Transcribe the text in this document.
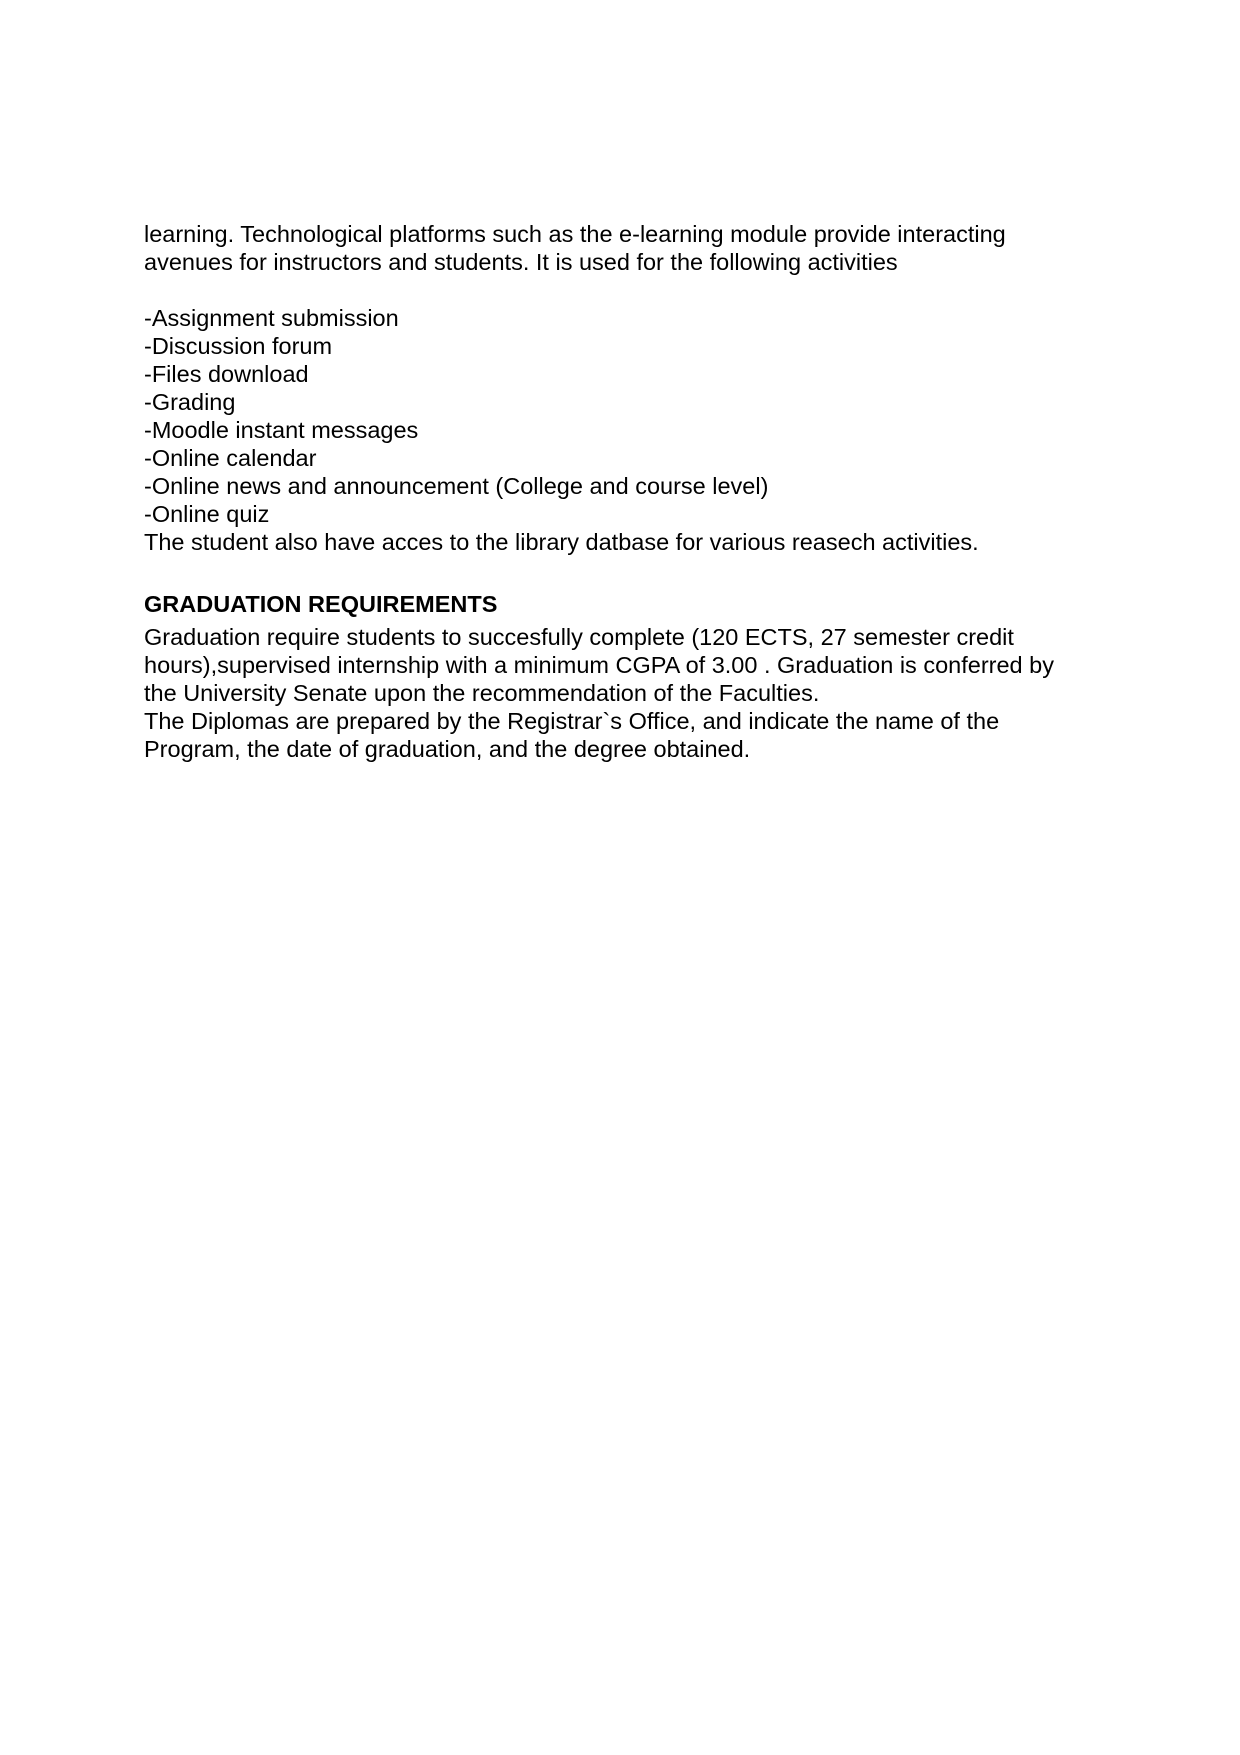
learning. Technological platforms such as the e-learning module provide interacting
avenues for instructors and students. It is used for the following activities
-Assignment submission
-Discussion forum
-Files download
-Grading
-Moodle instant messages
-Online calendar
-Online news and announcement (College and course level)
-Online quiz
The student also have acces to the library datbase for various reasech activities.
GRADUATION REQUIREMENTS
Graduation require students to succesfully complete (120 ECTS, 27 semester credit
hours),supervised internship with a minimum CGPA of 3.00 . Graduation is conferred by
the University Senate upon the recommendation of the Faculties.
The Diplomas are prepared by the Registrar`s Office, and indicate the name of the
Program, the date of graduation, and the degree obtained.
